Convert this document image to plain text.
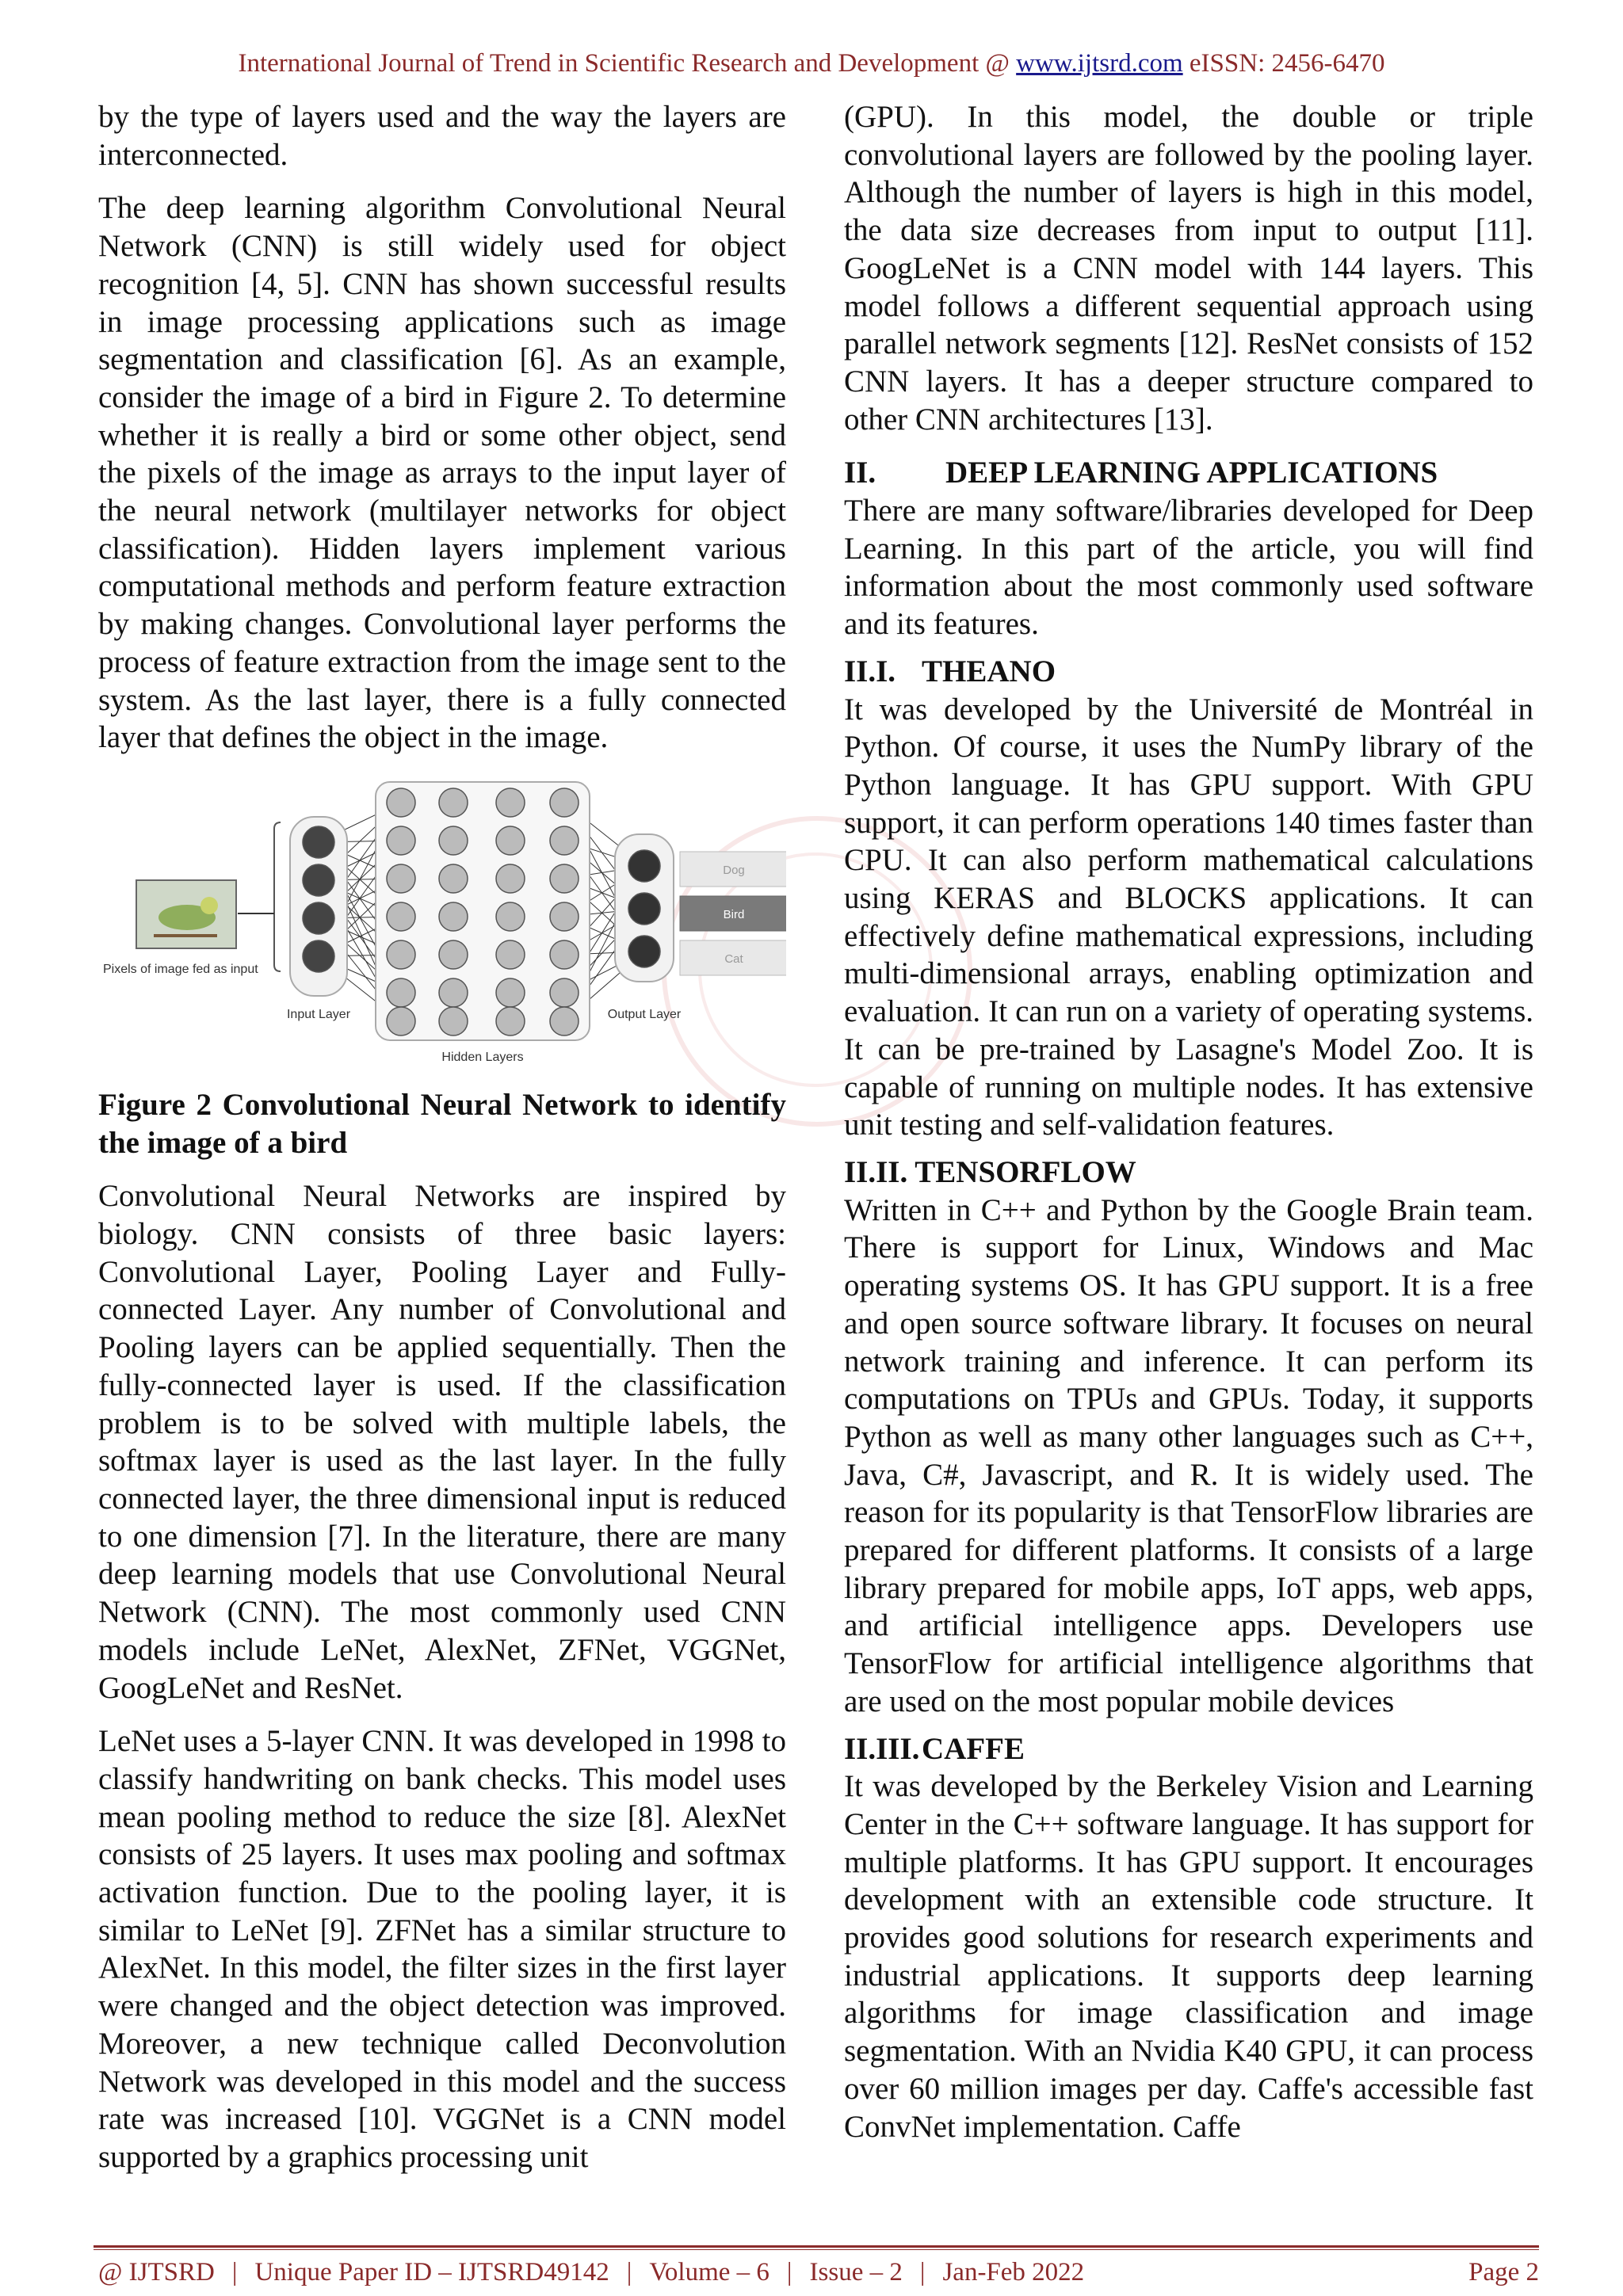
International Journal of Trend in Scientific Research and Development @ www.ijtsrd.com eISSN: 2456-6470

by the type of layers used and the way the layers are interconnected.

The deep learning algorithm Convolutional Neural Network (CNN) is still widely used for object recognition [4, 5]. CNN has shown successful results in image processing applications such as image segmentation and classification [6]. As an example, consider the image of a bird in Figure 2. To determine whether it is really a bird or some other object, send the pixels of the image as arrays to the input layer of the neural network (multilayer networks for object classification). Hidden layers implement various computational methods and perform feature extraction by making changes. Convolutional layer performs the process of feature extraction from the image sent to the system. As the last layer, there is a fully connected layer that defines the object in the image.

Pixels of image fed as input
Dog
Bird
Cat
Input Layer
Hidden Layers
Output Layer

Figure 2 Convolutional Neural Network to identify the image of a bird

Convolutional Neural Networks are inspired by biology. CNN consists of three basic layers: Convolutional Layer, Pooling Layer and Fully-connected Layer. Any number of Convolutional and Pooling layers can be applied sequentially. Then the fully-connected layer is used. If the classification problem is to be solved with multiple labels, the softmax layer is used as the last layer. In the fully connected layer, the three dimensional input is reduced to one dimension [7]. In the literature, there are many deep learning models that use Convolutional Neural Network (CNN). The most commonly used CNN models include LeNet, AlexNet, ZFNet, VGGNet, GoogLeNet and ResNet.

LeNet uses a 5-layer CNN. It was developed in 1998 to classify handwriting on bank checks. This model uses mean pooling method to reduce the size [8]. AlexNet consists of 25 layers. It uses max pooling and softmax activation function. Due to the pooling layer, it is similar to LeNet [9]. ZFNet has a similar structure to AlexNet. In this model, the filter sizes in the first layer were changed and the object detection was improved. Moreover, a new technique called Deconvolution Network was developed in this model and the success rate was increased [10]. VGGNet is a CNN model supported by a graphics processing unit

(GPU). In this model, the double or triple convolutional layers are followed by the pooling layer. Although the number of layers is high in this model, the data size decreases from input to output [11]. GoogLeNet is a CNN model with 144 layers. This model follows a different sequential approach using parallel network segments [12]. ResNet consists of 152 CNN layers. It has a deeper structure compared to other CNN architectures [13].

II. DEEP LEARNING APPLICATIONS

There are many software/libraries developed for Deep Learning. In this part of the article, you will find information about the most commonly used software and its features.

II.I. THEANO

It was developed by the Université de Montréal in Python. Of course, it uses the NumPy library of the Python language. It has GPU support. With GPU support, it can perform operations 140 times faster than CPU. It can also perform mathematical calculations using KERAS and BLOCKS applications. It can effectively define mathematical expressions, including multi-dimensional arrays, enabling optimization and evaluation. It can run on a variety of operating systems. It can be pre-trained by Lasagne's Model Zoo. It is capable of running on multiple nodes. It has extensive unit testing and self-validation features.

II.II. TENSORFLOW

Written in C++ and Python by the Google Brain team. There is support for Linux, Windows and Mac operating systems OS. It has GPU support. It is a free and open source software library. It focuses on neural network training and inference. It can perform its computations on TPUs and GPUs. Today, it supports Python as well as many other languages such as C++, Java, C#, Javascript, and R. It is widely used. The reason for its popularity is that TensorFlow libraries are prepared for different platforms. It consists of a large library prepared for mobile apps, IoT apps, web apps, and artificial intelligence apps. Developers use TensorFlow for artificial intelligence algorithms that are used on the most popular mobile devices

II.III.CAFFE

It was developed by the Berkeley Vision and Learning Center in the C++ software language. It has support for multiple platforms. It has GPU support. It encourages development with an extensible code structure. It provides good solutions for research experiments and industrial applications. It supports deep learning algorithms for image classification and image segmentation. With an Nvidia K40 GPU, it can process over 60 million images per day. Caffe's accessible fast ConvNet implementation. Caffe

@ IJTSRD | Unique Paper ID – IJTSRD49142 | Volume – 6 | Issue – 2 | Jan-Feb 2022	Page 2
